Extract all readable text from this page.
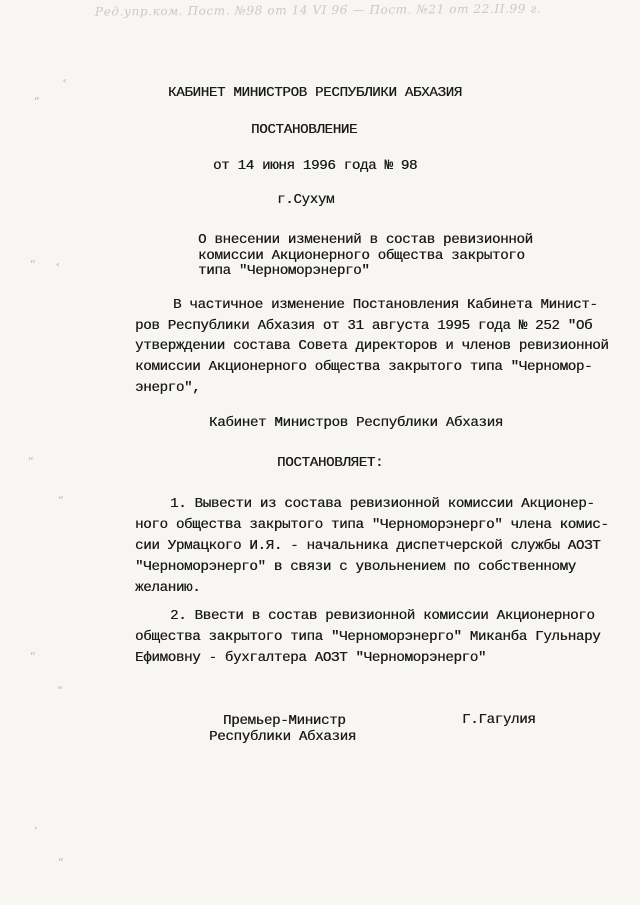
Ред.упр.ком. Пост. №98 от 14 VI 96 — Пост. №21 от 22.II.99 г.
“
˂
“ ˂
“
„
“
„
’
„
КАБИНЕТ МИНИСТРОВ РЕСПУБЛИКИ АБХАЗИЯ
ПОСТАНОВЛЕНИЕ
от 14 июня 1996 года № 98
г.Сухум
О внесении изменений в состав ревизионной
комиссии Акционерного общества закрытого
типа "Черноморэнерго"
В частичное изменение Постановления Кабинета Минист-
ров Республики Абхазия от 31 августа 1995 года № 252 "Об
утверждении состава Совета директоров и членов ревизионной
комиссии Акционерного общества закрытого типа "Черномор-
энерго",
Кабинет Министров Республики Абхазия
ПОСТАНОВЛЯЕТ:
1. Вывести из состава ревизионной комиссии Акционер-
ного общества закрытого типа "Черноморэнерго" члена комис-
сии Урмацкого И.Я. - начальника диспетчерской службы АОЗТ
"Черноморэнерго" в связи с увольнением по собственному
желанию.
2. Ввести в состав ревизионной комиссии Акционерного
общества закрытого типа "Черноморэнерго" Миканба Гульнару
Ефимовну - бухгалтера АОЗТ "Черноморэнерго"
Премьер-Министр
Республики Абхазия
Г.Гагулия
